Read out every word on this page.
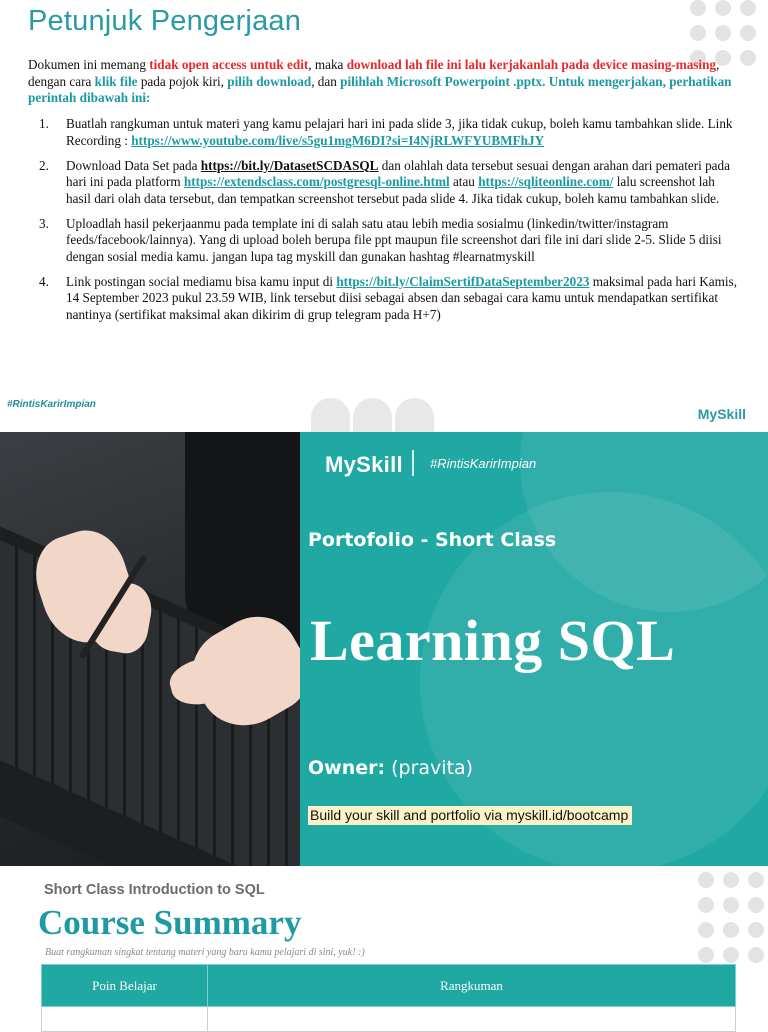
Petunjuk Pengerjaan

Dokumen ini memang tidak open access untuk edit, maka download lah file ini lalu kerjakanlah pada device masing-masing, dengan cara klik file pada pojok kiri, pilih download, dan pilihlah Microsoft Powerpoint .pptx. Untuk mengerjakan, perhatikan perintah dibawah ini:

1. Buatlah rangkuman untuk materi yang kamu pelajari hari ini pada slide 3, jika tidak cukup, boleh kamu tambahkan slide. Link Recording : https://www.youtube.com/live/s5gu1mgM6DI?si=I4NjRLWFYUBMFhJY
2. Download Data Set pada https://bit.ly/DatasetSCDASQL dan olahlah data tersebut sesuai dengan arahan dari pemateri pada hari ini pada platform https://extendsclass.com/postgresql-online.html atau https://sqliteonline.com/ lalu screenshot lah hasil dari olah data tersebut, dan tempatkan screenshot tersebut pada slide 4. Jika tidak cukup, boleh kamu tambahkan slide.
3. Uploadlah hasil pekerjaanmu pada template ini di salah satu atau lebih media sosialmu (linkedin/twitter/instagram feeds/facebook/lainnya). Yang di upload boleh berupa file ppt maupun file screenshot dari file ini dari slide 2-5. Slide 5 diisi dengan sosial media kamu. jangan lupa tag myskill dan gunakan hashtag #learnatmyskill
4. Link postingan social mediamu bisa kamu input di https://bit.ly/ClaimSertifDataSeptember2023 maksimal pada hari Kamis, 14 September 2023 pukul 23.59 WIB, link tersebut diisi sebagai absen dan sebagai cara kamu untuk mendapatkan sertifikat nantinya (sertifikat maksimal akan dikirim di grup telegram pada H+7)
#RintisKarirImpian
MySkill
MySkill #RintisKarirImpian
Portofolio - Short Class
Learning SQL
Owner: (pravita)
Build your skill and portfolio via myskill.id/bootcamp
Short Class Introduction to SQL
Course Summary
Buat rangkuman singkat tentang materi yang baru kamu pelajari di sini, yuk! :)
Poin Belajar	Rangkuman
